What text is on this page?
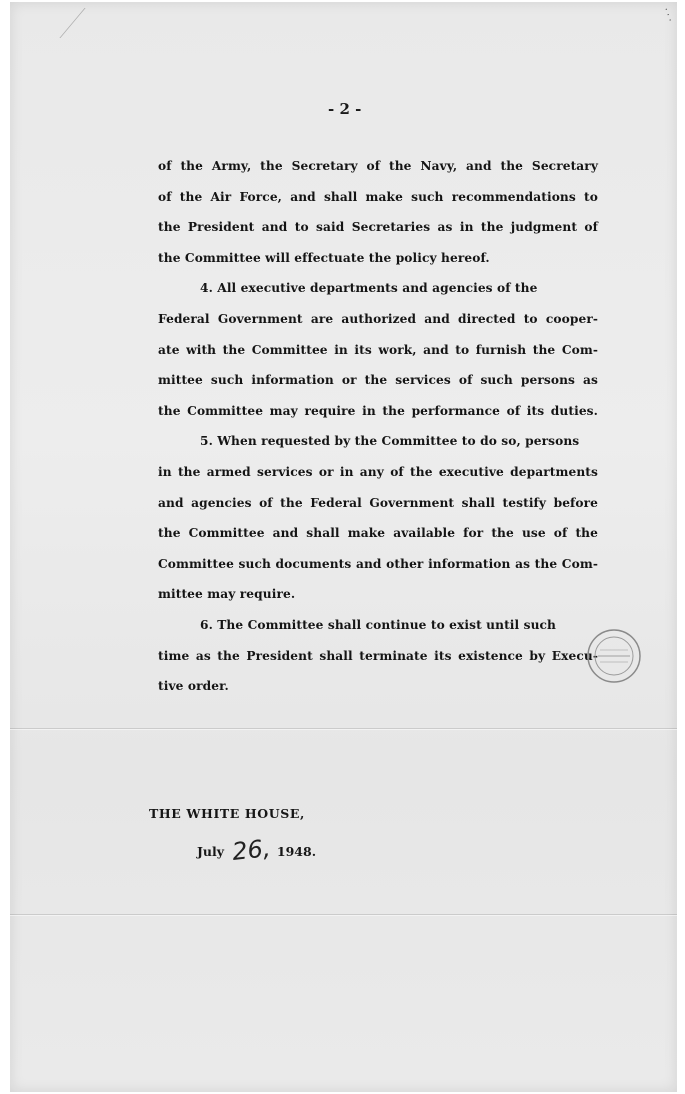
· · ·
- 2 -
of the Army, the Secretary of the Navy, and the Secretary
of the Air Force, and shall make such recommendations to
the President and to said Secretaries as in the judgment of
the Committee will effectuate the policy hereof.
4. All executive departments and agencies of the
Federal Government are authorized and directed to cooper-
ate with the Committee in its work, and to furnish the Com-
mittee such information or the services of such persons as
the Committee may require in the performance of its duties.
5. When requested by the Committee to do so, persons
in the armed services or in any of the executive departments
and agencies of the Federal Government shall testify before
the Committee and shall make available for the use of the
Committee such documents and other information as the Com-
mittee may require.
6. The Committee shall continue to exist until such
time as the President shall terminate its existence by Execu-
tive order.
THE WHITE HOUSE,
July 26, 1948.
